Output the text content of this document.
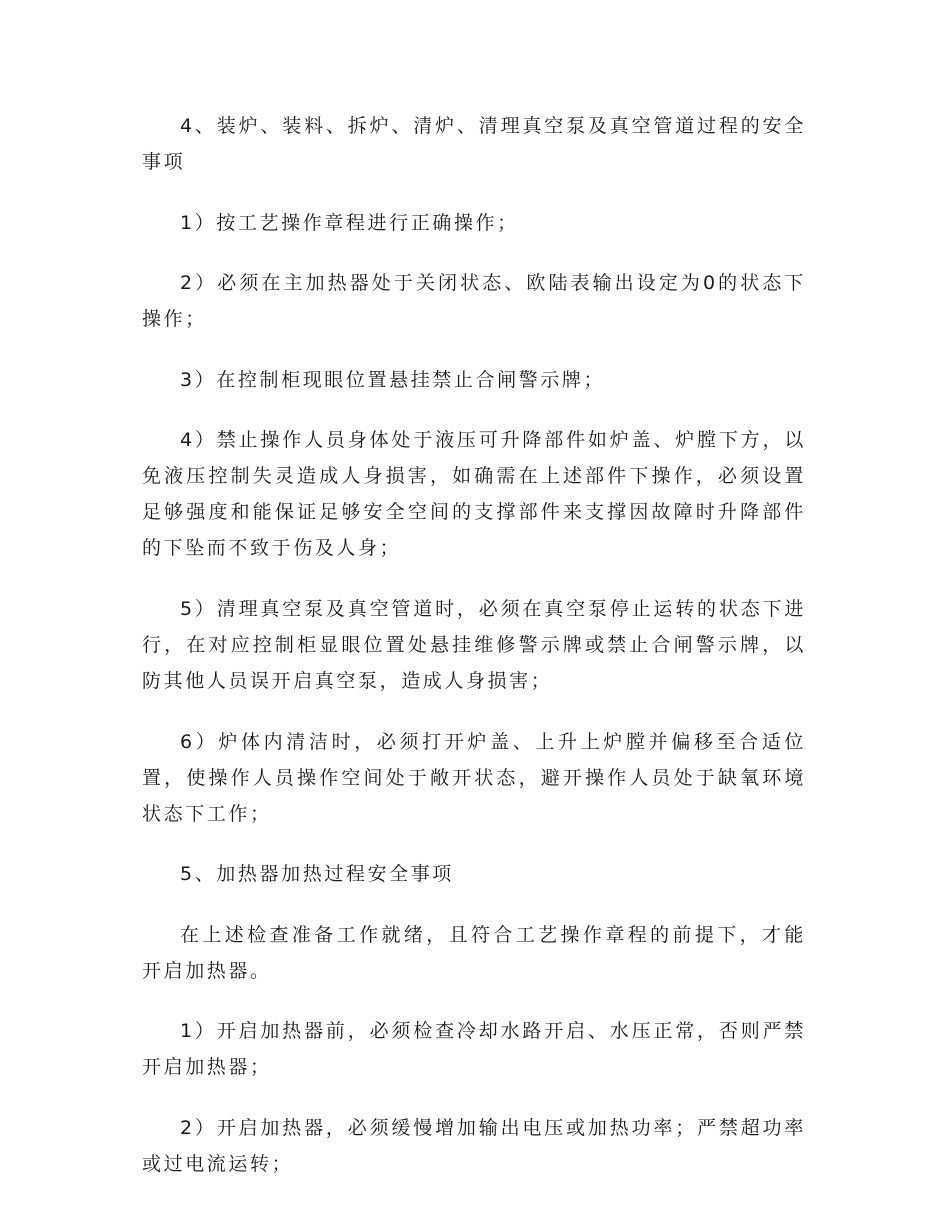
4、装炉、装料、拆炉、清炉、清理真空泵及真空管道过程的安全事项

1）按工艺操作章程进行正确操作；

2）必须在主加热器处于关闭状态、欧陆表输出设定为0的状态下操作；

3）在控制柜现眼位置悬挂禁止合闸警示牌；

4）禁止操作人员身体处于液压可升降部件如炉盖、炉膛下方，以免液压控制失灵造成人身损害，如确需在上述部件下操作，必须设置足够强度和能保证足够安全空间的支撑部件来支撑因故障时升降部件的下坠而不致于伤及人身；

5）清理真空泵及真空管道时，必须在真空泵停止运转的状态下进行，在对应控制柜显眼位置处悬挂维修警示牌或禁止合闸警示牌，以防其他人员误开启真空泵，造成人身损害；

6）炉体内清洁时，必须打开炉盖、上升上炉膛并偏移至合适位置，使操作人员操作空间处于敞开状态，避开操作人员处于缺氧环境状态下工作；

5、加热器加热过程安全事项

在上述检查准备工作就绪，且符合工艺操作章程的前提下，才能开启加热器。

1）开启加热器前，必须检查冷却水路开启、水压正常，否则严禁开启加热器；

2）开启加热器，必须缓慢增加输出电压或加热功率；严禁超功率或过电流运转；
